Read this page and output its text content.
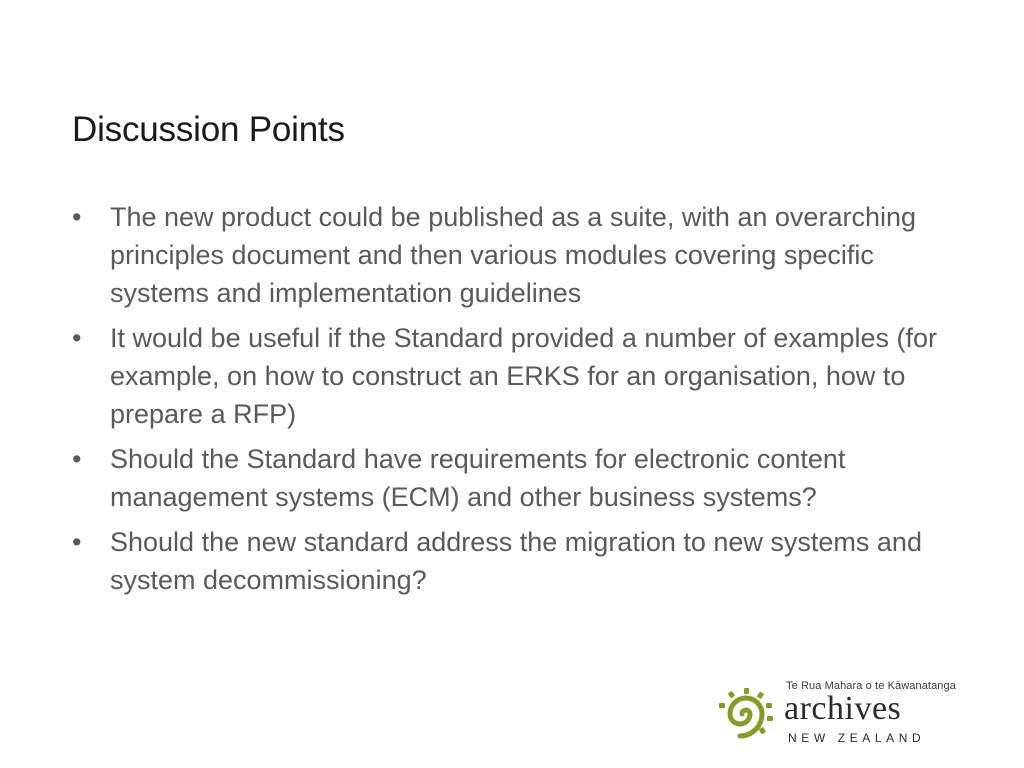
Discussion Points
• The new product could be published as a suite, with an overarching principles document and then various modules covering specific systems and implementation guidelines
• It would be useful if the Standard provided a number of examples (for example, on how to construct an ERKS for an organisation, how to prepare a RFP)
• Should the Standard have requirements for electronic content management systems (ECM) and other business systems?
• Should the new standard address the migration to new systems and system decommissioning?
Te Rua Mahara o te Kāwanatanga
archives
NEW ZEALAND
